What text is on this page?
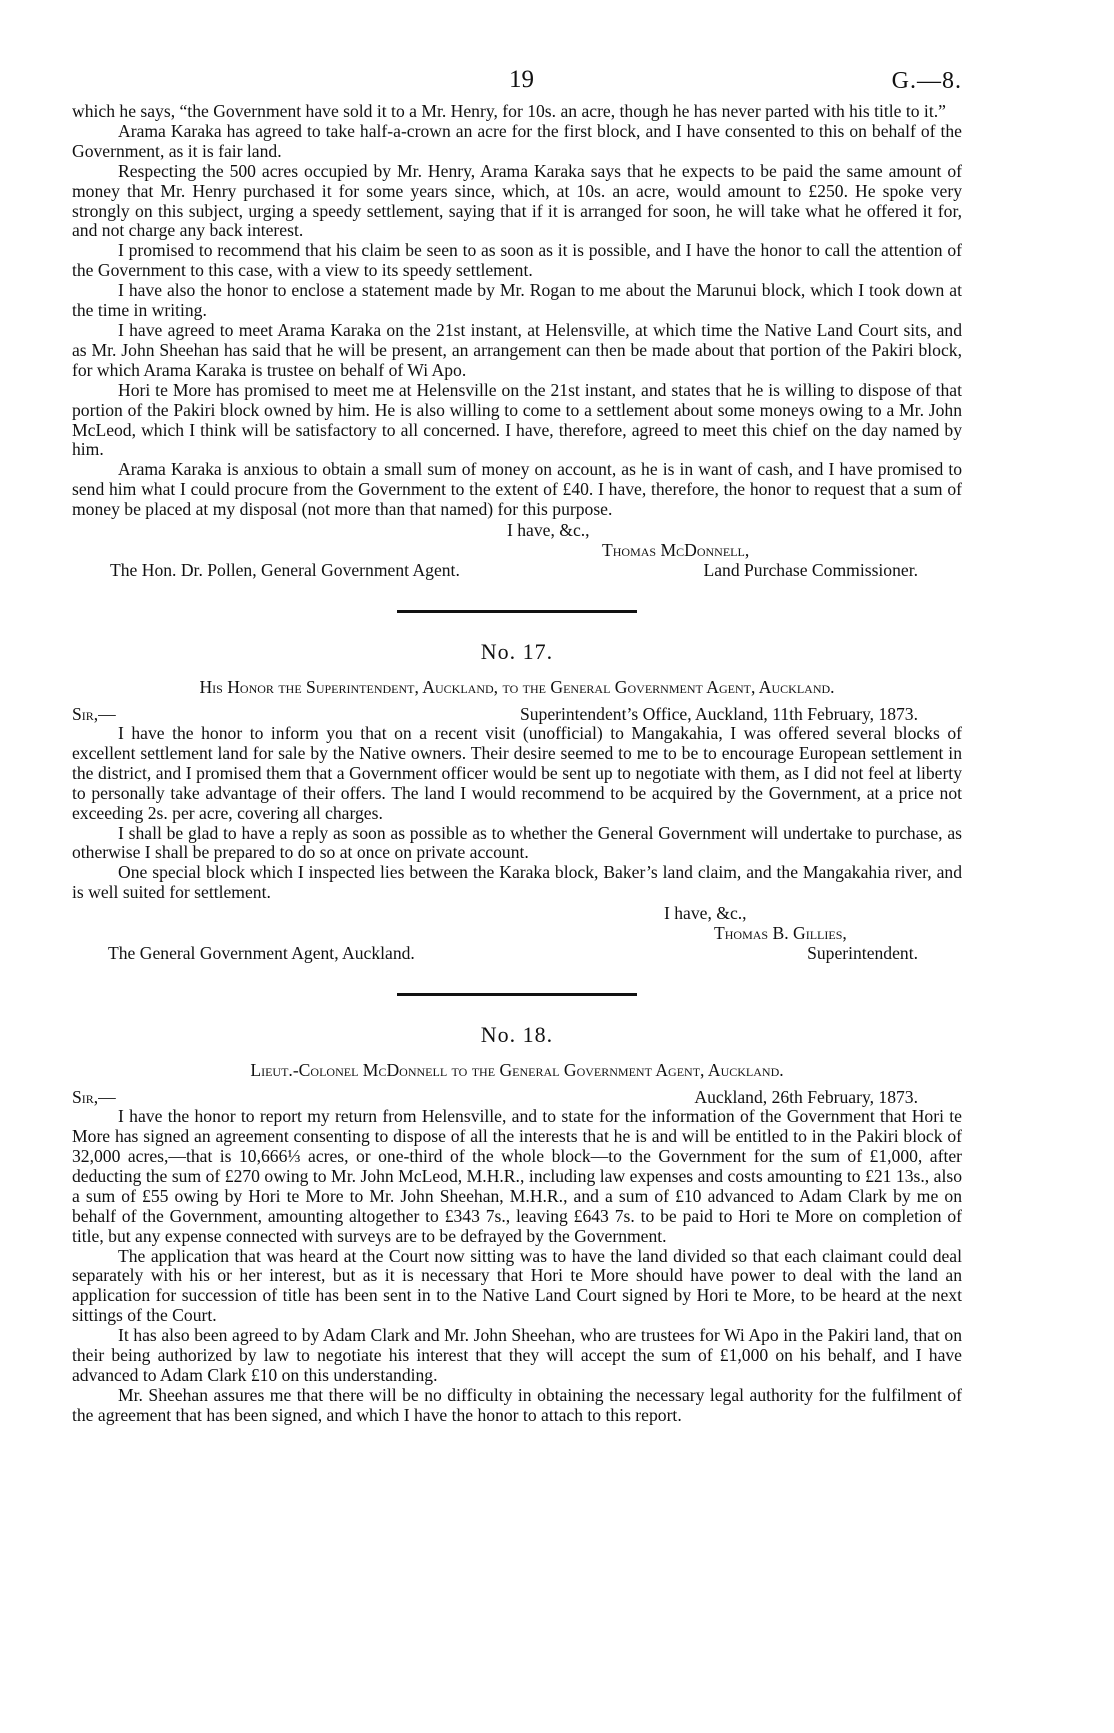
19	G.—8.

which he says, “the Government have sold it to a Mr. Henry, for 10s. an acre, though he has never parted with his title to it.”

Arama Karaka has agreed to take half-a-crown an acre for the first block, and I have consented to this on behalf of the Government, as it is fair land.

Respecting the 500 acres occupied by Mr. Henry, Arama Karaka says that he expects to be paid the same amount of money that Mr. Henry purchased it for some years since, which, at 10s. an acre, would amount to £250. He spoke very strongly on this subject, urging a speedy settlement, saying that if it is arranged for soon, he will take what he offered it for, and not charge any back interest.

I promised to recommend that his claim be seen to as soon as it is possible, and I have the honor to call the attention of the Government to this case, with a view to its speedy settlement.

I have also the honor to enclose a statement made by Mr. Rogan to me about the Marunui block, which I took down at the time in writing.

I have agreed to meet Arama Karaka on the 21st instant, at Helensville, at which time the Native Land Court sits, and as Mr. John Sheehan has said that he will be present, an arrangement can then be made about that portion of the Pakiri block, for which Arama Karaka is trustee on behalf of Wi Apo.

Hori te More has promised to meet me at Helensville on the 21st instant, and states that he is willing to dispose of that portion of the Pakiri block owned by him. He is also willing to come to a settlement about some moneys owing to a Mr. John McLeod, which I think will be satisfactory to all concerned. I have, therefore, agreed to meet this chief on the day named by him.

Arama Karaka is anxious to obtain a small sum of money on account, as he is in want of cash, and I have promised to send him what I could procure from the Government to the extent of £40. I have, therefore, the honor to request that a sum of money be placed at my disposal (not more than that named) for this purpose.

I have, &c.,
Thomas McDonnell,
The Hon. Dr. Pollen, General Government Agent.	Land Purchase Commissioner.
No. 17.
His Honor the Superintendent, Auckland, to the General Government Agent, Auckland.
Sir,—	Superintendent’s Office, Auckland, 11th February, 1873.

I have the honor to inform you that on a recent visit (unofficial) to Mangakahia, I was offered several blocks of excellent settlement land for sale by the Native owners. Their desire seemed to me to be to encourage European settlement in the district, and I promised them that a Government officer would be sent up to negotiate with them, as I did not feel at liberty to personally take advantage of their offers. The land I would recommend to be acquired by the Government, at a price not exceeding 2s. per acre, covering all charges.

I shall be glad to have a reply as soon as possible as to whether the General Government will undertake to purchase, as otherwise I shall be prepared to do so at once on private account.

One special block which I inspected lies between the Karaka block, Baker’s land claim, and the Mangakahia river, and is well suited for settlement.

I have, &c.,
Thomas B. Gillies,
The General Government Agent, Auckland.	Superintendent.
No. 18.
Lieut.-Colonel McDonnell to the General Government Agent, Auckland.
Sir,—	Auckland, 26th February, 1873.

I have the honor to report my return from Helensville, and to state for the information of the Government that Hori te More has signed an agreement consenting to dispose of all the interests that he is and will be entitled to in the Pakiri block of 32,000 acres,—that is 10,666⅓ acres, or one-third of the whole block—to the Government for the sum of £1,000, after deducting the sum of £270 owing to Mr. John McLeod, M.H.R., including law expenses and costs amounting to £21 13s., also a sum of £55 owing by Hori te More to Mr. John Sheehan, M.H.R., and a sum of £10 advanced to Adam Clark by me on behalf of the Government, amounting altogether to £343 7s., leaving £643 7s. to be paid to Hori te More on completion of title, but any expense connected with surveys are to be defrayed by the Government.

The application that was heard at the Court now sitting was to have the land divided so that each claimant could deal separately with his or her interest, but as it is necessary that Hori te More should have power to deal with the land an application for succession of title has been sent in to the Native Land Court signed by Hori te More, to be heard at the next sittings of the Court.

It has also been agreed to by Adam Clark and Mr. John Sheehan, who are trustees for Wi Apo in the Pakiri land, that on their being authorized by law to negotiate his interest that they will accept the sum of £1,000 on his behalf, and I have advanced to Adam Clark £10 on this understanding.

Mr. Sheehan assures me that there will be no difficulty in obtaining the necessary legal authority for the fulfilment of the agreement that has been signed, and which I have the honor to attach to this report.
